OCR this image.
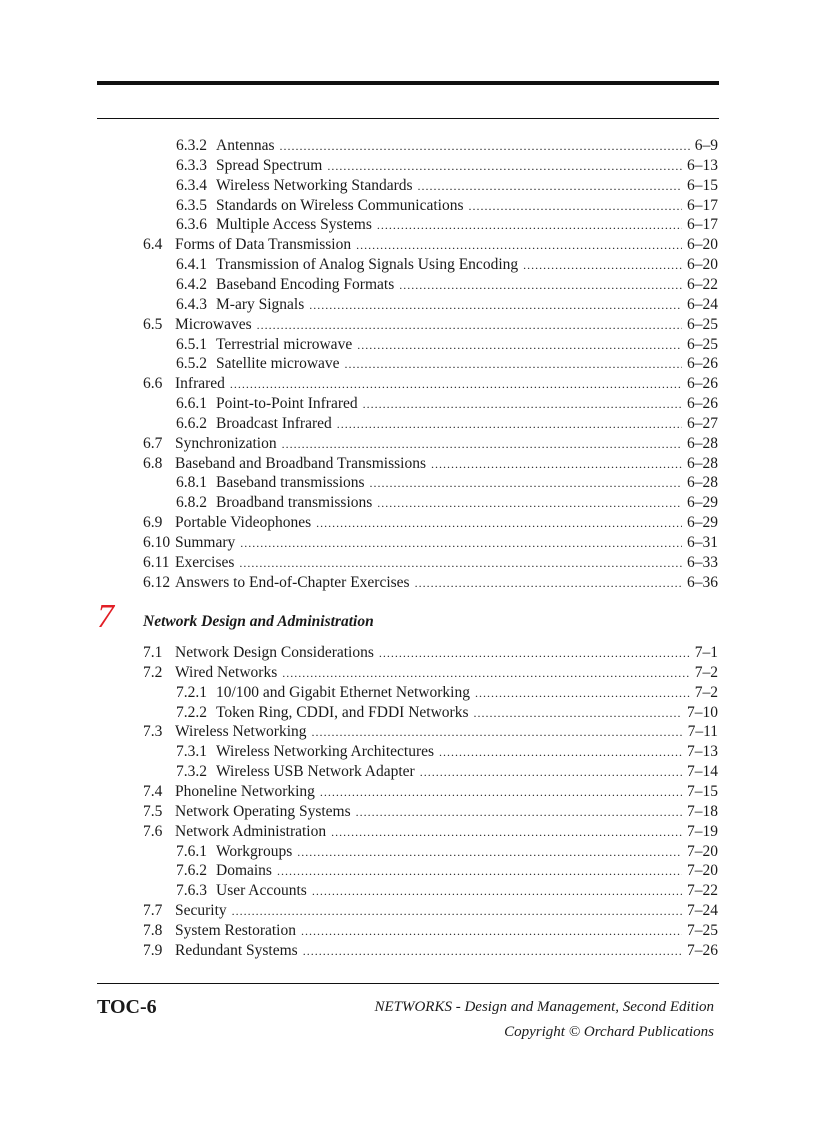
6.3.2 Antennas .....	6–9
6.3.3 Spread Spectrum .....	6–13
6.3.4 Wireless Networking Standards .....	6–15
6.3.5 Standards on Wireless Communications .....	6–17
6.3.6 Multiple Access Systems .....	6–17
6.4 Forms of Data Transmission .....	6–20
6.4.1 Transmission of Analog Signals Using Encoding .....	6–20
6.4.2 Baseband Encoding Formats .....	6–22
6.4.3 M-ary Signals .....	6–24
6.5 Microwaves .....	6–25
6.5.1 Terrestrial microwave .....	6–25
6.5.2 Satellite microwave .....	6–26
6.6 Infrared .....	6–26
6.6.1 Point-to-Point Infrared .....	6–26
6.6.2 Broadcast Infrared .....	6–27
6.7 Synchronization .....	6–28
6.8 Baseband and Broadband Transmissions .....	6–28
6.8.1 Baseband transmissions .....	6–28
6.8.2 Broadband transmissions .....	6–29
6.9 Portable Videophones .....	6–29
6.10 Summary .....	6–31
6.11 Exercises .....	6–33
6.12 Answers to End-of-Chapter Exercises .....	6–36
7 Network Design and Administration
7.1 Network Design Considerations .....	7–1
7.2 Wired Networks .....	7–2
7.2.1 10/100 and Gigabit Ethernet Networking .....	7–2
7.2.2 Token Ring, CDDI, and FDDI Networks .....	7–10
7.3 Wireless Networking .....	7–11
7.3.1 Wireless Networking Architectures .....	7–13
7.3.2 Wireless USB Network Adapter .....	7–14
7.4 Phoneline Networking .....	7–15
7.5 Network Operating Systems .....	7–18
7.6 Network Administration .....	7–19
7.6.1 Workgroups .....	7–20
7.6.2 Domains .....	7–20
7.6.3 User Accounts .....	7–22
7.7 Security .....	7–24
7.8 System Restoration .....	7–25
7.9 Redundant Systems .....	7–26
TOC-6	NETWORKS - Design and Management, Second Edition
Copyright © Orchard Publications
